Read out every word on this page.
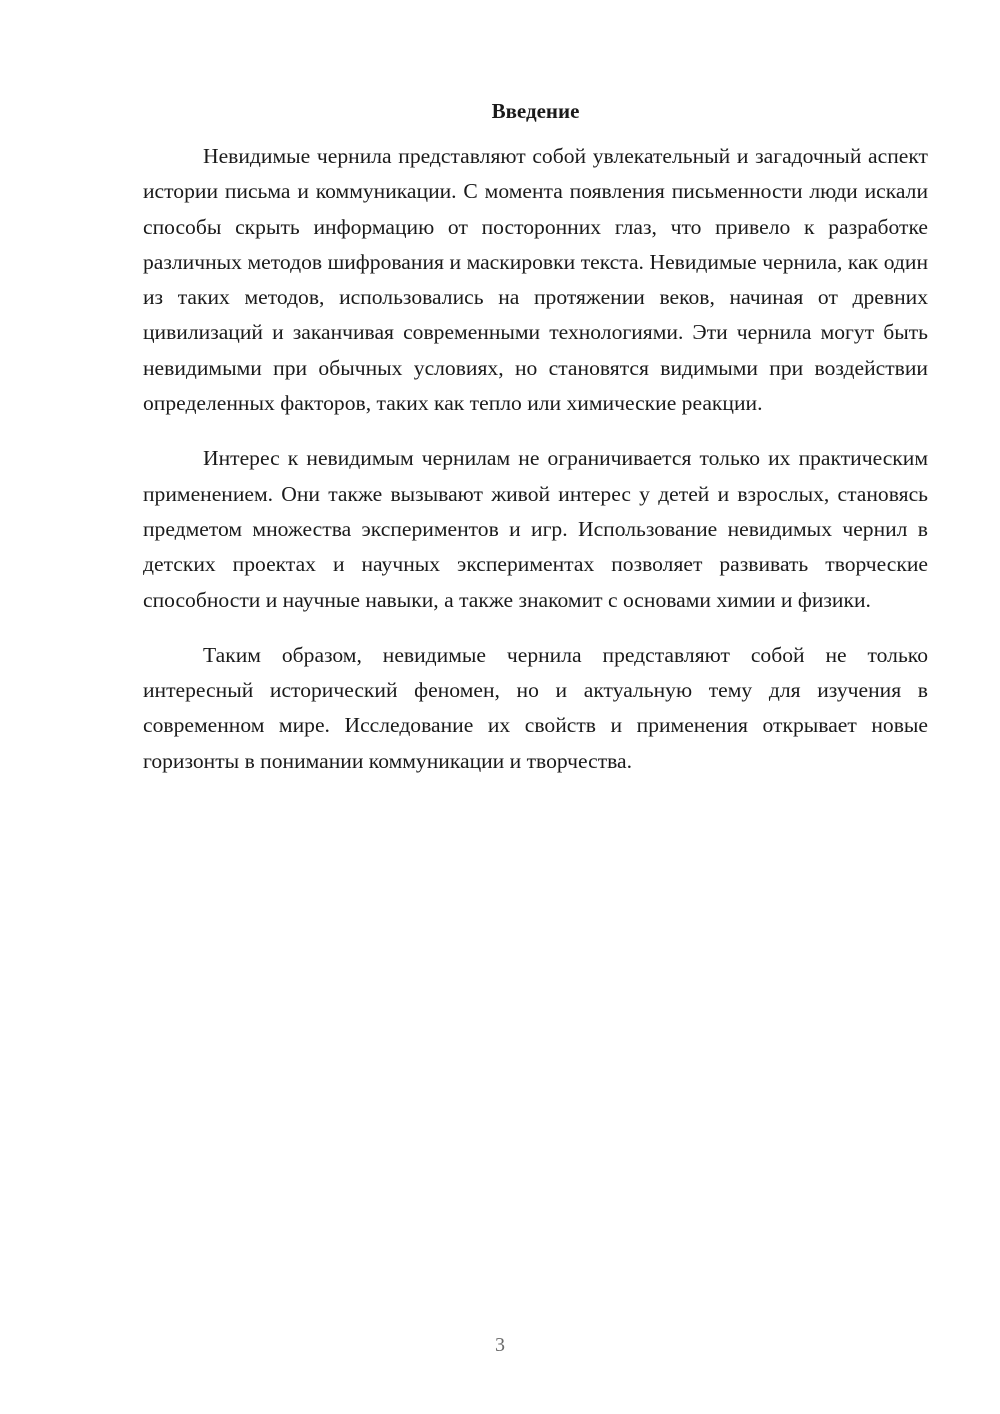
Введение

Невидимые чернила представляют собой увлекательный и загадочный аспект истории письма и коммуникации. С момента появления письменности люди искали способы скрыть информацию от посторонних глаз, что привело к разработке различных методов шифрования и маскировки текста. Невидимые чернила, как один из таких методов, использовались на протяжении веков, начиная от древних цивилизаций и заканчивая современными технологиями. Эти чернила могут быть невидимыми при обычных условиях, но становятся видимыми при воздействии определенных факторов, таких как тепло или химические реакции.

Интерес к невидимым чернилам не ограничивается только их практическим применением. Они также вызывают живой интерес у детей и взрослых, становясь предметом множества экспериментов и игр. Использование невидимых чернил в детских проектах и научных экспериментах позволяет развивать творческие способности и научные навыки, а также знакомит с основами химии и физики.

Таким образом, невидимые чернила представляют собой не только интересный исторический феномен, но и актуальную тему для изучения в современном мире. Исследование их свойств и применения открывает новые горизонты в понимании коммуникации и творчества.

3
